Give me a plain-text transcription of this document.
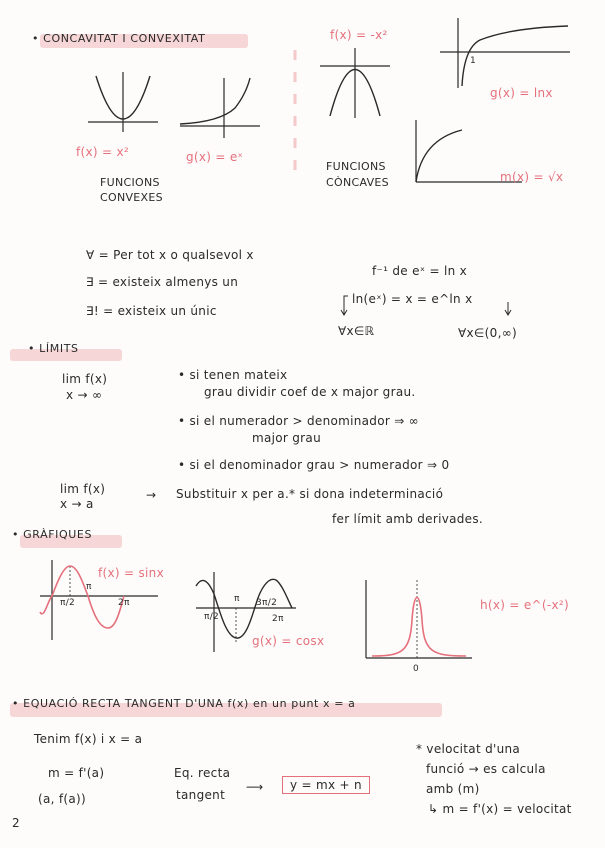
• CONCAVITAT I CONVEXITAT
f(x) = x²	g(x) = eˣ
FUNCIONS
CONVEXES
f(x) = -x²
1
g(x) = lnx
m(x) = √x
FUNCIONS
CÒNCAVES
∀ = Per tot x o qualsevol x
∃ = existeix almenys un
∃! = existeix un únic
f⁻¹ de eˣ = ln x
ln(eˣ) = x = e^ln x
∀x∈ℝ	∀x∈(0,∞)
• LÍMITS
lim f(x)
x → ∞
• si tenen mateix
grau dividir coef de x major grau.
• si el numerador > denominador ⇒ ∞
major grau
• si el denominador grau > numerador ⇒ 0
lim f(x)
x → a
→ Substituir x per a.* si dona indeterminació
fer límit amb derivades.
• GRÀFIQUES
f(x) = sinx
π
π/2	2π	π
π/2
3π/2
2π
g(x) = cosx
0
h(x) = e^(-x²)
• EQUACIÓ RECTA TANGENT D'UNA f(x) en un punt x = a
Tenim f(x) i x = a
m = f'(a)
(a, f(a))
Eq. recta
tangent
⟶	y = mx + n
* velocitat d'una
funció → es calcula
amb (m)
↳ m = f'(x) = velocitat
2
